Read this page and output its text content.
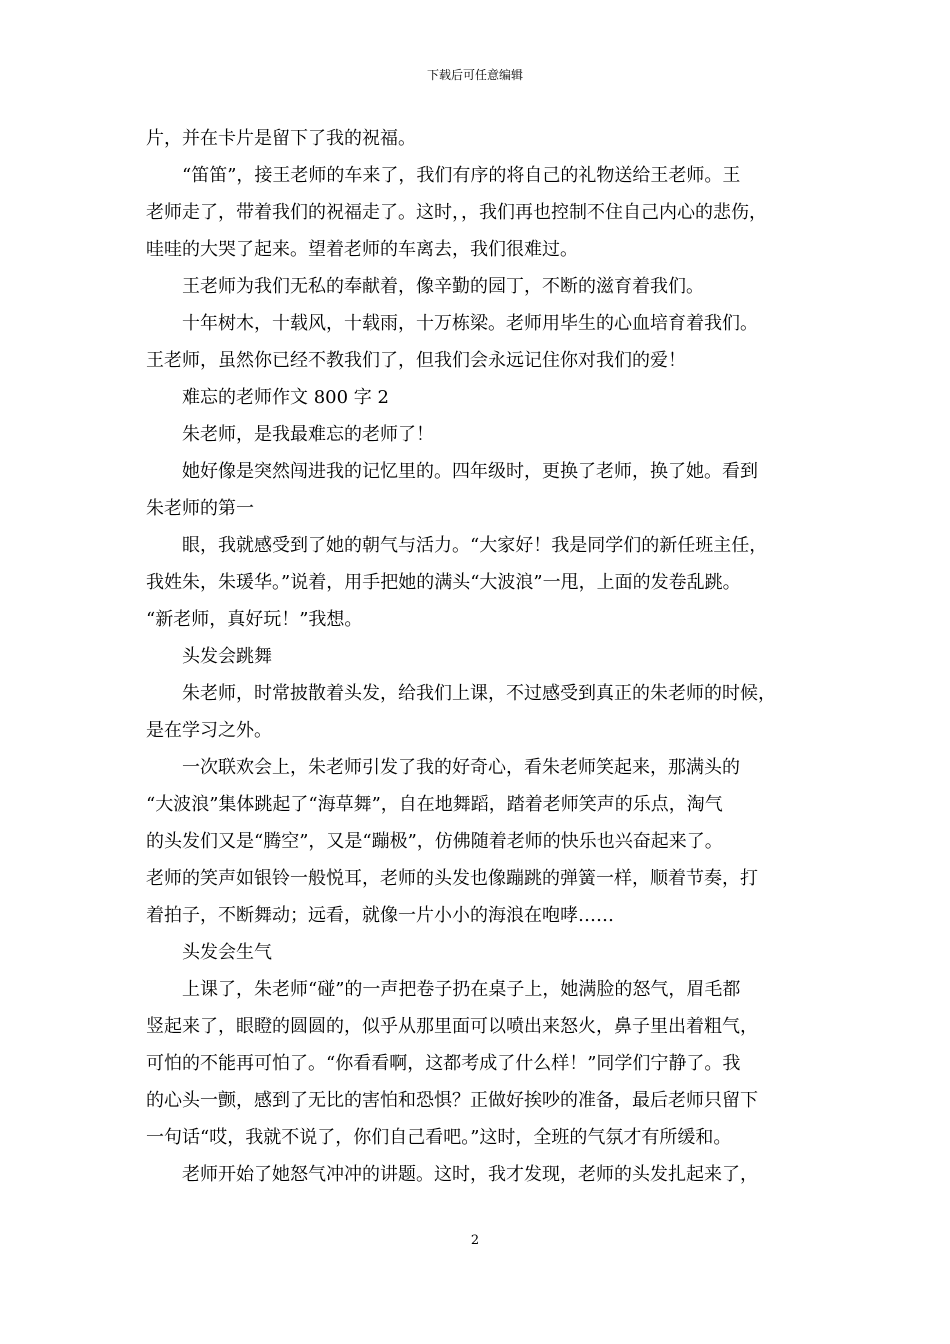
下载后可任意编辑

片，并在卡片是留下了我的祝福。

“笛笛”，接王老师的车来了，我们有序的将自己的礼物送给王老师。王
老师走了，带着我们的祝福走了。这时，，我们再也控制不住自己内心的悲伤，
哇哇的大哭了起来。望着老师的车离去，我们很难过。

王老师为我们无私的奉献着，像辛勤的园丁，不断的滋育着我们。

十年树木，十载风，十载雨，十万栋梁。老师用毕生的心血培育着我们。
王老师，虽然你已经不教我们了，但我们会永远记住你对我们的爱！

难忘的老师作文 800 字 2

朱老师，是我最难忘的老师了！

她好像是突然闯进我的记忆里的。四年级时，更换了老师，换了她。看到
朱老师的第一

眼，我就感受到了她的朝气与活力。“大家好！我是同学们的新任班主任，
我姓朱，朱瑗华。”说着，用手把她的满头“大波浪”一甩，上面的发卷乱跳。
“新老师，真好玩！”我想。

头发会跳舞

朱老师，时常披散着头发，给我们上课，不过感受到真正的朱老师的时候，
是在学习之外。

一次联欢会上，朱老师引发了我的好奇心，看朱老师笑起来，那满头的
“大波浪”集体跳起了“海草舞”，自在地舞蹈，踏着老师笑声的乐点，淘气
的头发们又是“腾空”，又是“蹦极”，仿佛随着老师的快乐也兴奋起来了。
老师的笑声如银铃一般悦耳，老师的头发也像蹦跳的弹簧一样，顺着节奏，打
着拍子，不断舞动；远看，就像一片小小的海浪在咆哮……

头发会生气

上课了，朱老师“碰”的一声把卷子扔在桌子上，她满脸的怒气，眉毛都
竖起来了，眼瞪的圆圆的，似乎从那里面可以喷出来怒火，鼻子里出着粗气，
可怕的不能再可怕了。“你看看啊，这都考成了什么样！”同学们宁静了。我
的心头一颤，感到了无比的害怕和恐惧？正做好挨吵的准备，最后老师只留下
一句话“哎，我就不说了，你们自己看吧。”这时，全班的气氛才有所缓和。

老师开始了她怒气冲冲的讲题。这时，我才发现，老师的头发扎起来了，

2
